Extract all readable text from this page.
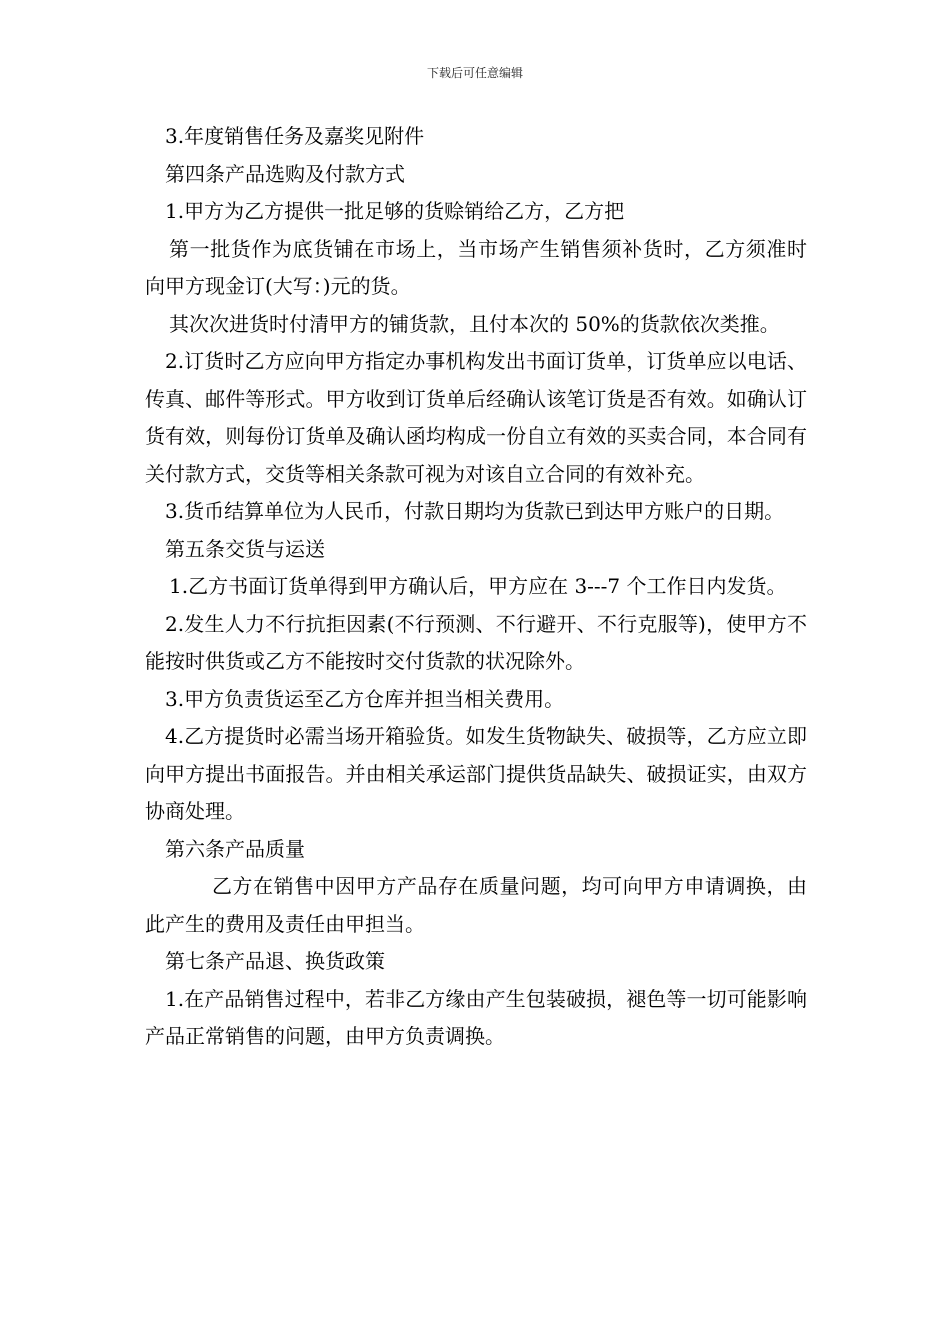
下载后可任意编辑

3.年度销售任务及嘉奖见附件

第四条产品选购及付款方式

1.甲方为乙方提供一批足够的货赊销给乙方，乙方把

第一批货作为底货铺在市场上，当市场产生销售须补货时，乙方须准时向甲方现金订(大写：)元的货。

其次次进货时付清甲方的铺货款，且付本次的 50%的货款依次类推。

2.订货时乙方应向甲方指定办事机构发出书面订货单，订货单应以电话、传真、邮件等形式。甲方收到订货单后经确认该笔订货是否有效。如确认订货有效，则每份订货单及确认函均构成一份自立有效的买卖合同，本合同有关付款方式，交货等相关条款可视为对该自立合同的有效补充。

3.货币结算单位为人民币，付款日期均为货款已到达甲方账户的日期。

第五条交货与运送

1.乙方书面订货单得到甲方确认后，甲方应在 3---7 个工作日内发货。

2.发生人力不行抗拒因素(不行预测、不行避开、不行克服等)，使甲方不能按时供货或乙方不能按时交付货款的状况除外。

3.甲方负责货运至乙方仓库并担当相关费用。

4.乙方提货时必需当场开箱验货。如发生货物缺失、破损等，乙方应立即向甲方提出书面报告。并由相关承运部门提供货品缺失、破损证实，由双方协商处理。

第六条产品质量

乙方在销售中因甲方产品存在质量问题，均可向甲方申请调换，由此产生的费用及责任由甲担当。

第七条产品退、换货政策

1.在产品销售过程中，若非乙方缘由产生包装破损，褪色等一切可能影响产品正常销售的问题，由甲方负责调换。
